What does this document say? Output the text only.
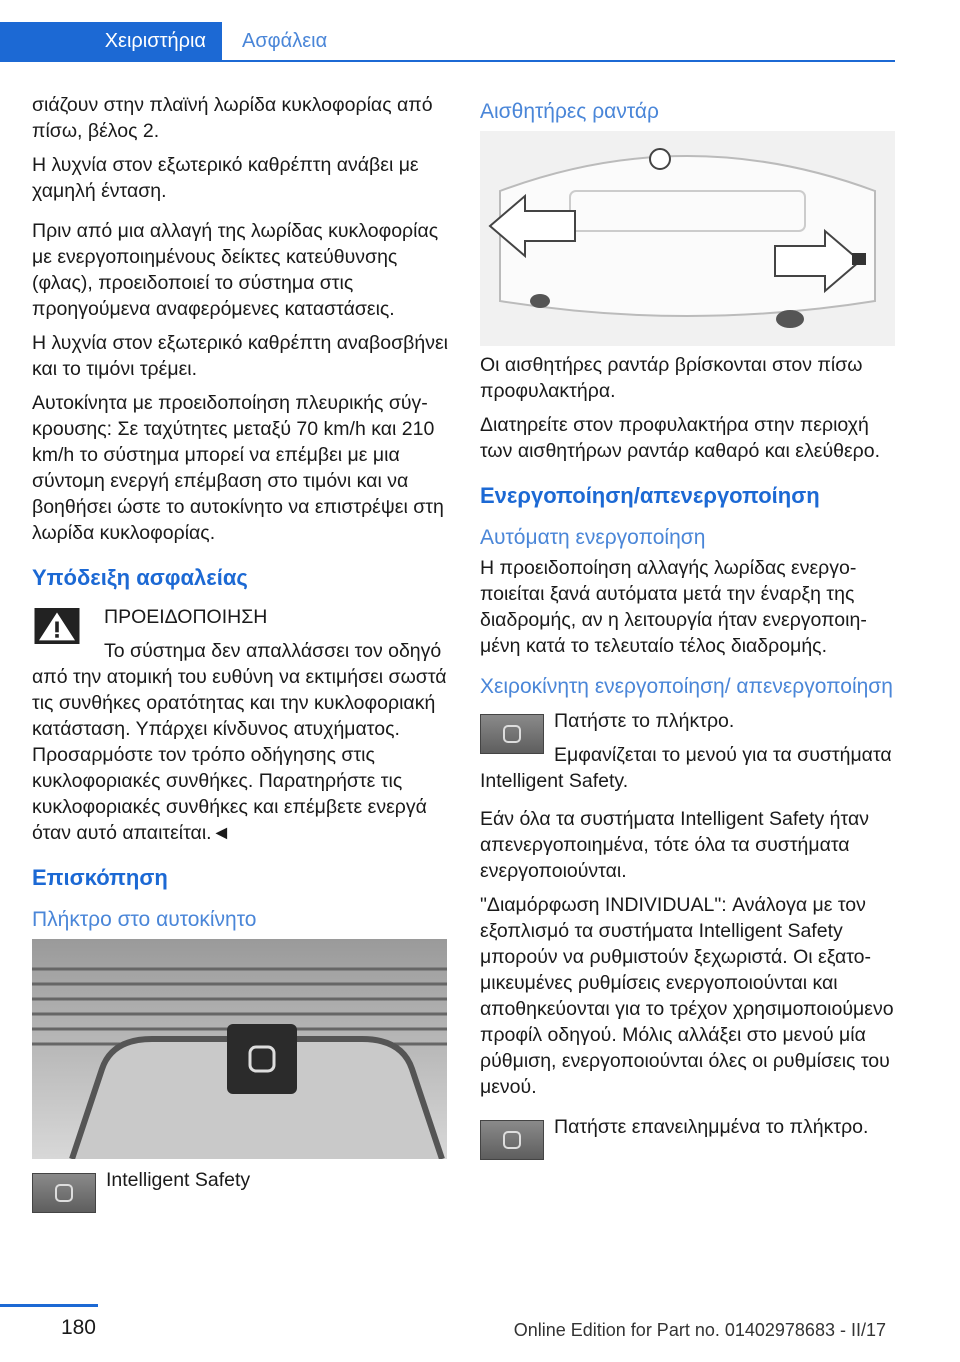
Χειριστήρια	Ασφάλεια

σιάζουν στην πλαϊνή λωρίδα κυκλοφορίας από πίσω, βέλος 2.

Η λυχνία στον εξωτερικό καθρέπτη ανάβει με χαμηλή ένταση.

Πριν από μια αλλαγή της λωρίδας κυκλοφορίας με ενεργοποιημένους δείκτες κατεύθυνσης (φλας), προειδοποιεί το σύστημα στις προηγούμενα αναφερόμενες καταστάσεις.

Η λυχνία στον εξωτερικό καθρέπτη αναβοσβήνει και το τιμόνι τρέμει.

Αυτοκίνητα με προειδοποίηση πλευρικής σύγκρουσης: Σε ταχύτητες μεταξύ 70 km/h και 210 km/h το σύστημα μπορεί να επέμβει με μια σύντομη ενεργή επέμβαση στο τιμόνι και να βοηθήσει ώστε το αυτοκίνητο να επιστρέψει στη λωρίδα κυκλοφορίας.

Υπόδειξη ασφαλείας

ΠΡΟΕΙΔΟΠΟΙΗΣΗ

Το σύστημα δεν απαλλάσσει τον οδηγό από την ατομική του ευθύνη να εκτιμήσει σωστά τις συνθήκες ορατότητας και την κυκλοφοριακή κατάσταση. Υπάρχει κίνδυνος ατυχήματος. Προσαρμόστε τον τρόπο οδήγησης στις κυκλοφοριακές συνθήκες. Παρατηρήστε τις κυκλοφοριακές συνθήκες και επέμβετε ενεργά όταν αυτό απαιτείται.◄

Επισκόπηση
Πλήκτρο στο αυτοκίνητο

Intelligent Safety

Αισθητήρες ραντάρ

Οι αισθητήρες ραντάρ βρίσκονται στον πίσω προφυλακτήρα.

Διατηρείτε στον προφυλακτήρα στην περιοχή των αισθητήρων ραντάρ καθαρό και ελεύθερο.

Ενεργοποίηση/απενεργοποίηση
Αυτόματη ενεργοποίηση

Η προειδοποίηση αλλαγής λωρίδας ενεργοποιείται ξανά αυτόματα μετά την έναρξη της διαδρομής, αν η λειτουργία ήταν ενεργοποιημένη κατά το τελευταίο τέλος διαδρομής.

Χειροκίνητη ενεργοποίηση/ απενεργοποίηση

Πατήστε το πλήκτρο.

Εμφανίζεται το μενού για τα συστήματα Intelligent Safety.

Εάν όλα τα συστήματα Intelligent Safety ήταν απενεργοποιημένα, τότε όλα τα συστήματα ενεργοποιούνται.

"Διαμόρφωση INDIVIDUAL": Ανάλογα με τον εξοπλισμό τα συστήματα Intelligent Safety μπορούν να ρυθμιστούν ξεχωριστά. Οι εξατομικευμένες ρυθμίσεις ενεργοποιούνται και αποθηκεύονται για το τρέχον χρησιμοποιούμενο προφίλ οδηγού. Μόλις αλλάξει στο μενού μία ρύθμιση, ενεργοποιούνται όλες οι ρυθμίσεις του μενού.

Πατήστε επανειλημμένα το πλήκτρο.

180	Online Edition for Part no. 01402978683 - II/17
